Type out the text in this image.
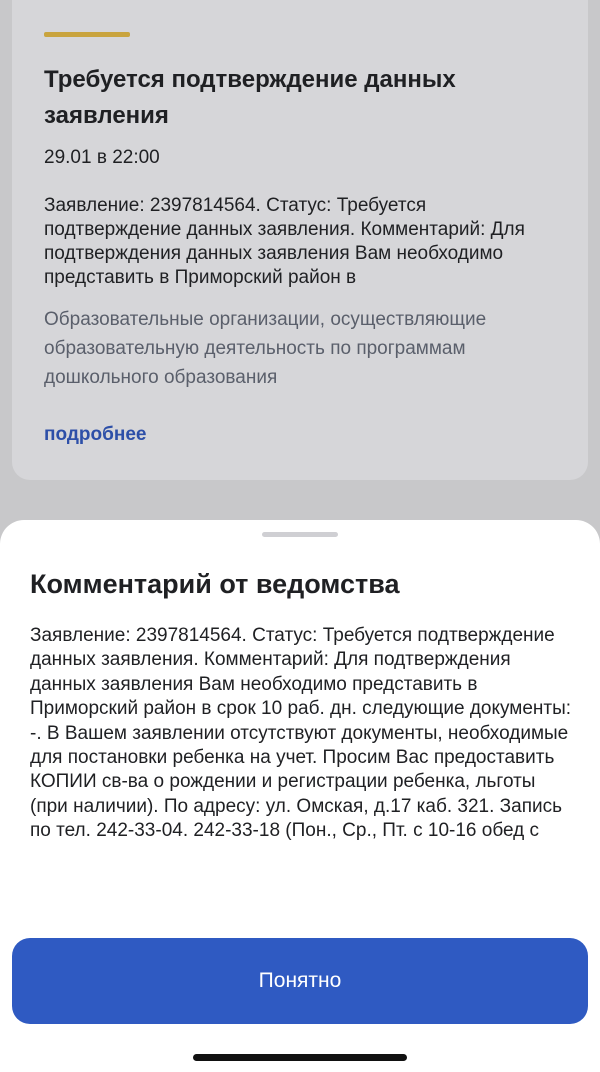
Требуется подтверждение данных заявления
29.01 в 22:00

Заявление: 2397814564. Статус: Требуется подтверждение данных заявления. Комментарий: Для подтверждения данных заявления Вам необходимо представить в Приморский район в

Образовательные организации, осуществляющие образовательную деятельность по программам дошкольного образования

подробнее
Комментарий от ведомства

Заявление: 2397814564. Статус: Требуется подтверждение данных заявления. Комментарий: Для подтверждения данных заявления Вам необходимо представить в Приморский район в срок 10 раб. дн. следующие документы: -. В Вашем заявлении отсутствуют документы, необходимые для постановки ребенка на учет. Просим Вас предоставить КОПИИ св-ва о рождении и регистрации ребенка, льготы (при наличии). По адресу: ул. Омская, д.17 каб. 321. Запись по тел. 242-33-04. 242-33-18 (Пон., Ср., Пт. с 10-16 обед с

Понятно
